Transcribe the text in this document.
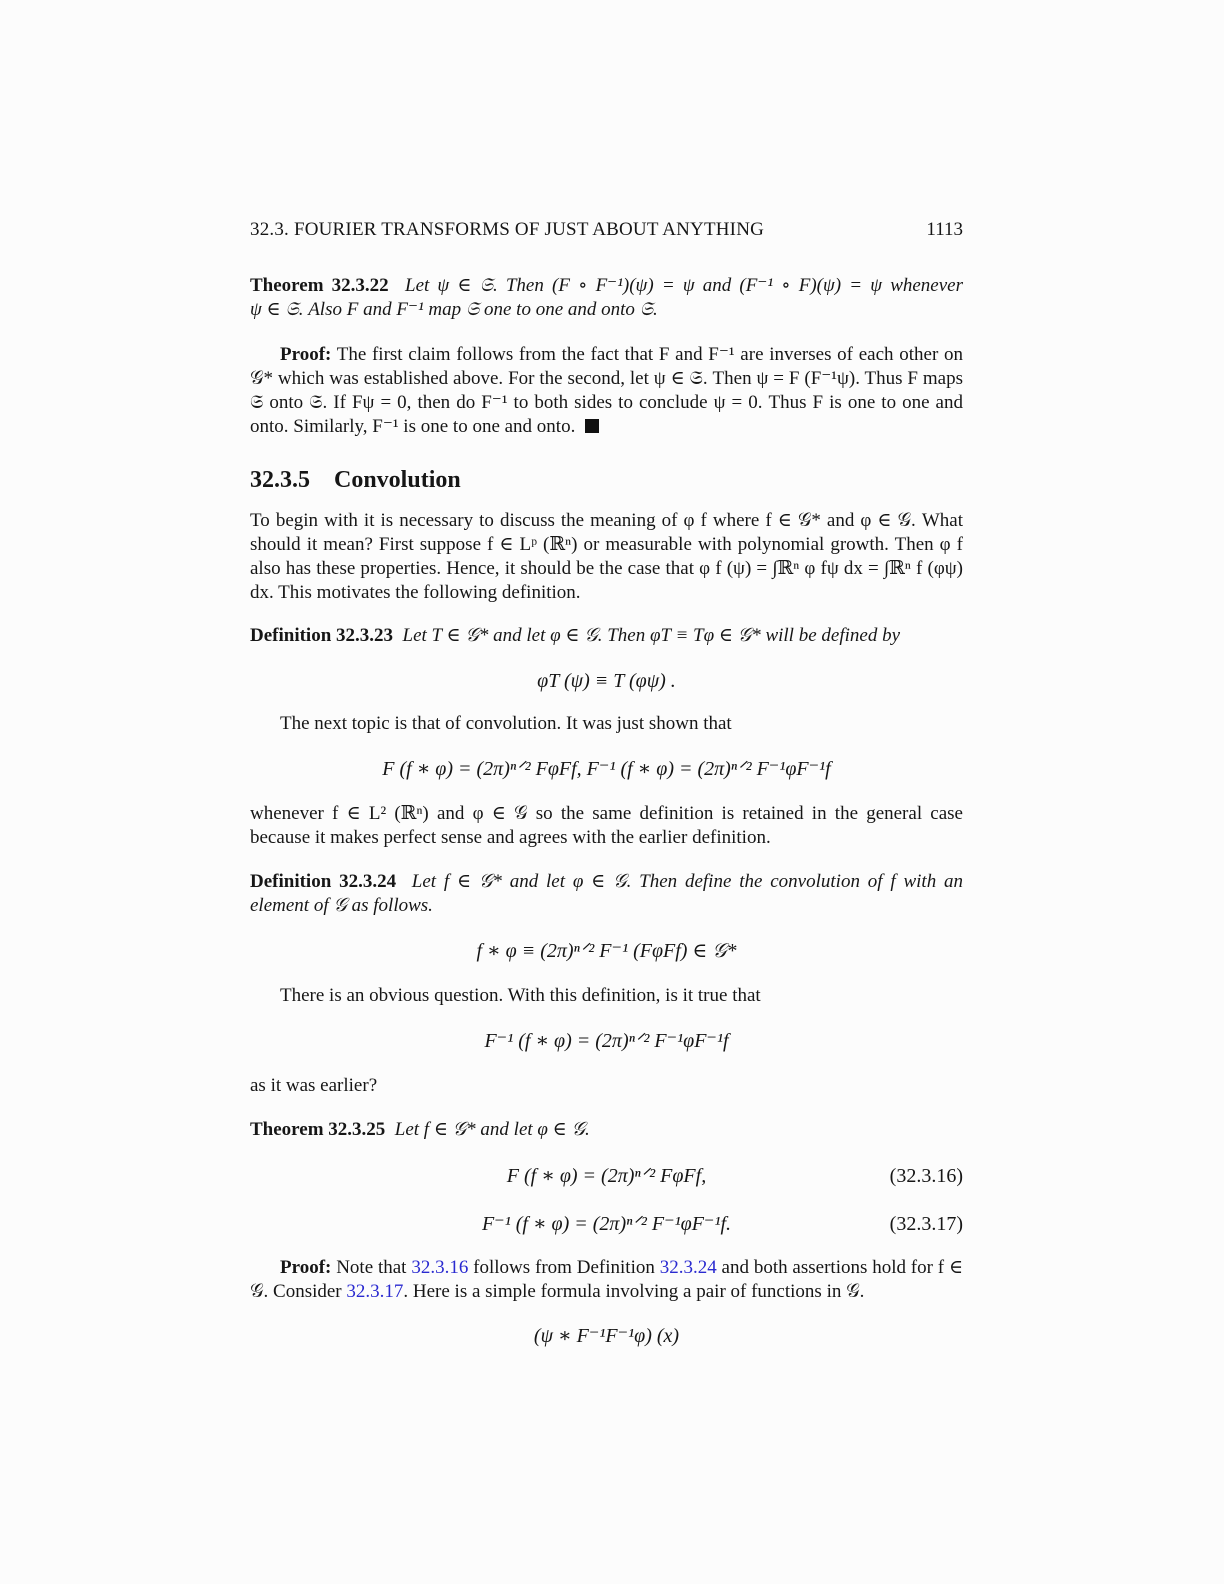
32.3. FOURIER TRANSFORMS OF JUST ABOUT ANYTHING	1113
Theorem 32.3.22 Let ψ ∈ 𝔖. Then (F ∘ F⁻¹)(ψ) = ψ and (F⁻¹ ∘ F)(ψ) = ψ whenever
ψ ∈ 𝔖. Also F and F⁻¹ map 𝔖 one to one and onto 𝔖.
Proof: The first claim follows from the fact that F and F⁻¹ are inverses of each other on 𝒢* which was established above. For the second, let ψ ∈ 𝔖. Then ψ = F (F⁻¹ψ). Thus F maps 𝔖 onto 𝔖. If Fψ = 0, then do F⁻¹ to both sides to conclude ψ = 0. Thus F is one to one and onto. Similarly, F⁻¹ is one to one and onto.
32.3.5 Convolution
To begin with it is necessary to discuss the meaning of φ f where f ∈ 𝒢* and φ ∈ 𝒢. What should it mean? First suppose f ∈ Lᵖ (ℝⁿ) or measurable with polynomial growth. Then φ f also has these properties. Hence, it should be the case that φ f (ψ) = ∫ℝⁿ φ fψ dx = ∫ℝⁿ f (φψ) dx. This motivates the following definition.
Definition 32.3.23 Let T ∈ 𝒢* and let φ ∈ 𝒢. Then φT ≡ Tφ ∈ 𝒢* will be defined by
φT (ψ) ≡ T (φψ) .
The next topic is that of convolution. It was just shown that
F (f ∗ φ) = (2π)ⁿᐟ² FφFf, F⁻¹ (f ∗ φ) = (2π)ⁿᐟ² F⁻¹φF⁻¹f
whenever f ∈ L² (ℝⁿ) and φ ∈ 𝒢 so the same definition is retained in the general case because it makes perfect sense and agrees with the earlier definition.
Definition 32.3.24 Let f ∈ 𝒢* and let φ ∈ 𝒢. Then define the convolution of f with an element of 𝒢 as follows.
f ∗ φ ≡ (2π)ⁿᐟ² F⁻¹ (FφFf) ∈ 𝒢*
There is an obvious question. With this definition, is it true that
F⁻¹ (f ∗ φ) = (2π)ⁿᐟ² F⁻¹φF⁻¹f
as it was earlier?
Theorem 32.3.25 Let f ∈ 𝒢* and let φ ∈ 𝒢.
F (f ∗ φ) = (2π)ⁿᐟ² FφFf,	(32.3.16)
F⁻¹ (f ∗ φ) = (2π)ⁿᐟ² F⁻¹φF⁻¹f.	(32.3.17)
Proof: Note that 32.3.16 follows from Definition 32.3.24 and both assertions hold for f ∈ 𝒢. Consider 32.3.17. Here is a simple formula involving a pair of functions in 𝒢.
(ψ ∗ F⁻¹F⁻¹φ) (x)
